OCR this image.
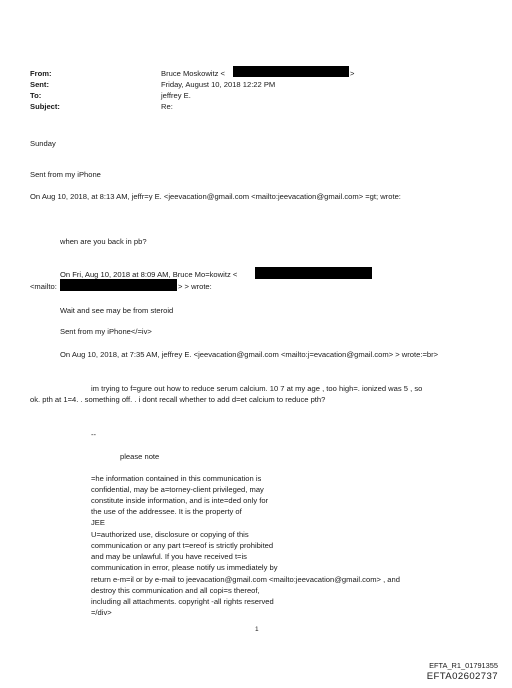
From:	Bruce Moskowitz <	>
Sent:	Friday, August 10, 2018 12:22 PM
To:	jeffrey E.
Subject:	Re:
Sunday
Sent from my iPhone
On Aug 10, 2018, at 8:13 AM, jeffr=y E. <jeevacation@gmail.com <mailto:jeevacation@gmail.com> =gt; wrote:
when are you back in pb?
On Fri, Aug 10, 2018 at 8:09 AM, Bruce Mo=kowitz <
<mailto:	> > wrote:
Wait and see may be from steroid
Sent from my iPhone</=iv>
On Aug 10, 2018, at 7:35 AM, jeffrey E. <jeevacation@gmail.com <mailto:j=evacation@gmail.com> > wrote:=br>
im trying to f=gure out how to reduce serum calcium. 10 7 at my age , too high=. ionized was 5 , so
ok. pth at 1=4. . something off. . i dont recall whether to add d=et calcium to reduce pth?
--
please note
=he information contained in this communication is
confidential, may be a=torney-client privileged, may
constitute inside information, and is inte=ded only for
the use of the addressee. It is the property of
JEE
U=authorized use, disclosure or copying of this
communication or any part t=ereof is strictly prohibited
and may be unlawful. If you have received t=is
communication in error, please notify us immediately by
return e-m=il or by e-mail to jeevacation@gmail.com <mailto:jeevacation@gmail.com> , and
destroy this communication and all copi=s thereof,
including all attachments. copyright -all rights reserved
=/div>
1
EFTA_R1_01791355
EFTA02602737
